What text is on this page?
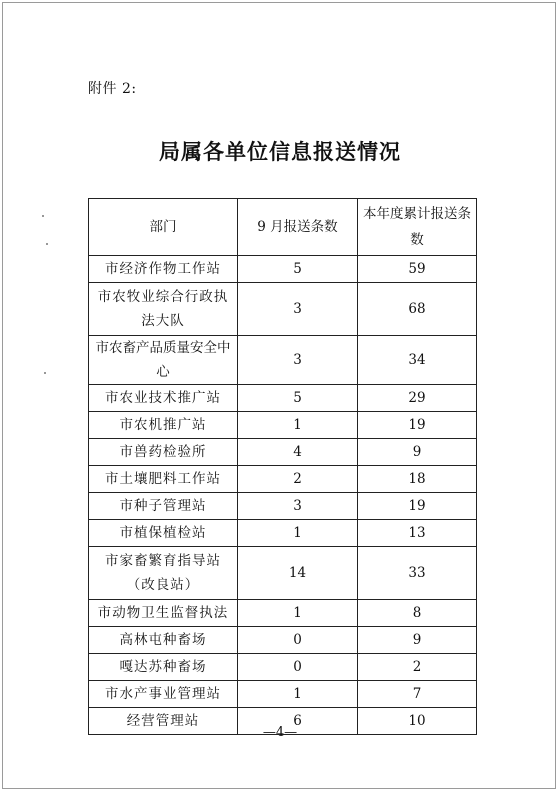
附件 2:
局属各单位信息报送情况
部门	9 月报送条数	本年度累计报送条数
市经济作物工作站	5	59
市农牧业综合行政执法大队	3	68
市农畜产品质量安全中心	3	34
市农业技术推广站	5	29
市农机推广站	1	19
市兽药检验所	4	9
市土壤肥料工作站	2	18
市种子管理站	3	19
市植保植检站	1	13
市家畜繁育指导站（改良站）	14	33
市动物卫生监督执法	1	8
高林屯种畜场	0	9
嘎达苏种畜场	0	2
市水产事业管理站	1	7
经营管理站	6	10
—4—
